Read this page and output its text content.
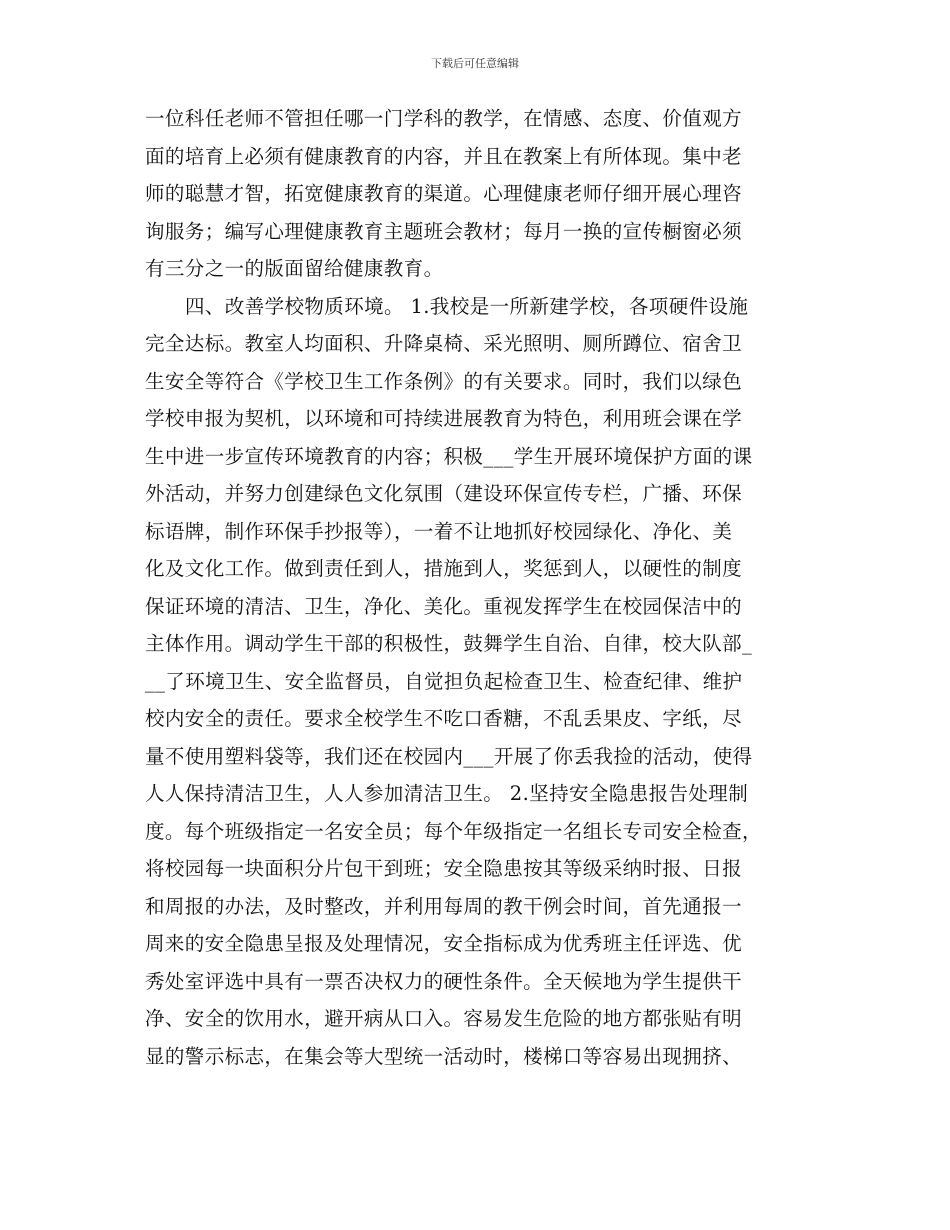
下载后可任意编辑
一位科任老师不管担任哪一门学科的教学，在情感、态度、价值观方
面的培育上必须有健康教育的内容，并且在教案上有所体现。集中老
师的聪慧才智，拓宽健康教育的渠道。心理健康老师仔细开展心理咨
询服务；编写心理健康教育主题班会教材；每月一换的宣传橱窗必须
有三分之一的版面留给健康教育。
四、改善学校物质环境。 1.我校是一所新建学校，各项硬件设施
完全达标。教室人均面积、升降桌椅、采光照明、厕所蹲位、宿舍卫
生安全等符合《学校卫生工作条例》的有关要求。同时，我们以绿色
学校申报为契机，以环境和可持续进展教育为特色，利用班会课在学
生中进一步宣传环境教育的内容；积极___学生开展环境保护方面的课
外活动，并努力创建绿色文化氛围（建设环保宣传专栏，广播、环保
标语牌，制作环保手抄报等），一着不让地抓好校园绿化、净化、美
化及文化工作。做到责任到人，措施到人，奖惩到人，以硬性的制度
保证环境的清洁、卫生，净化、美化。重视发挥学生在校园保洁中的
主体作用。调动学生干部的积极性，鼓舞学生自治、自律，校大队部_
__了环境卫生、安全监督员，自觉担负起检查卫生、检查纪律、维护
校内安全的责任。要求全校学生不吃口香糖，不乱丢果皮、字纸，尽
量不使用塑料袋等，我们还在校园内___开展了你丢我捡的活动，使得
人人保持清洁卫生，人人参加清洁卫生。 2.坚持安全隐患报告处理制
度。每个班级指定一名安全员；每个年级指定一名组长专司安全检查，
将校园每一块面积分片包干到班；安全隐患按其等级采纳时报、日报
和周报的办法，及时整改，并利用每周的教干例会时间，首先通报一
周来的安全隐患呈报及处理情况，安全指标成为优秀班主任评选、优
秀处室评选中具有一票否决权力的硬性条件。全天候地为学生提供干
净、安全的饮用水，避开病从口入。容易发生危险的地方都张贴有明
显的警示标志，在集会等大型统一活动时，楼梯口等容易出现拥挤、
